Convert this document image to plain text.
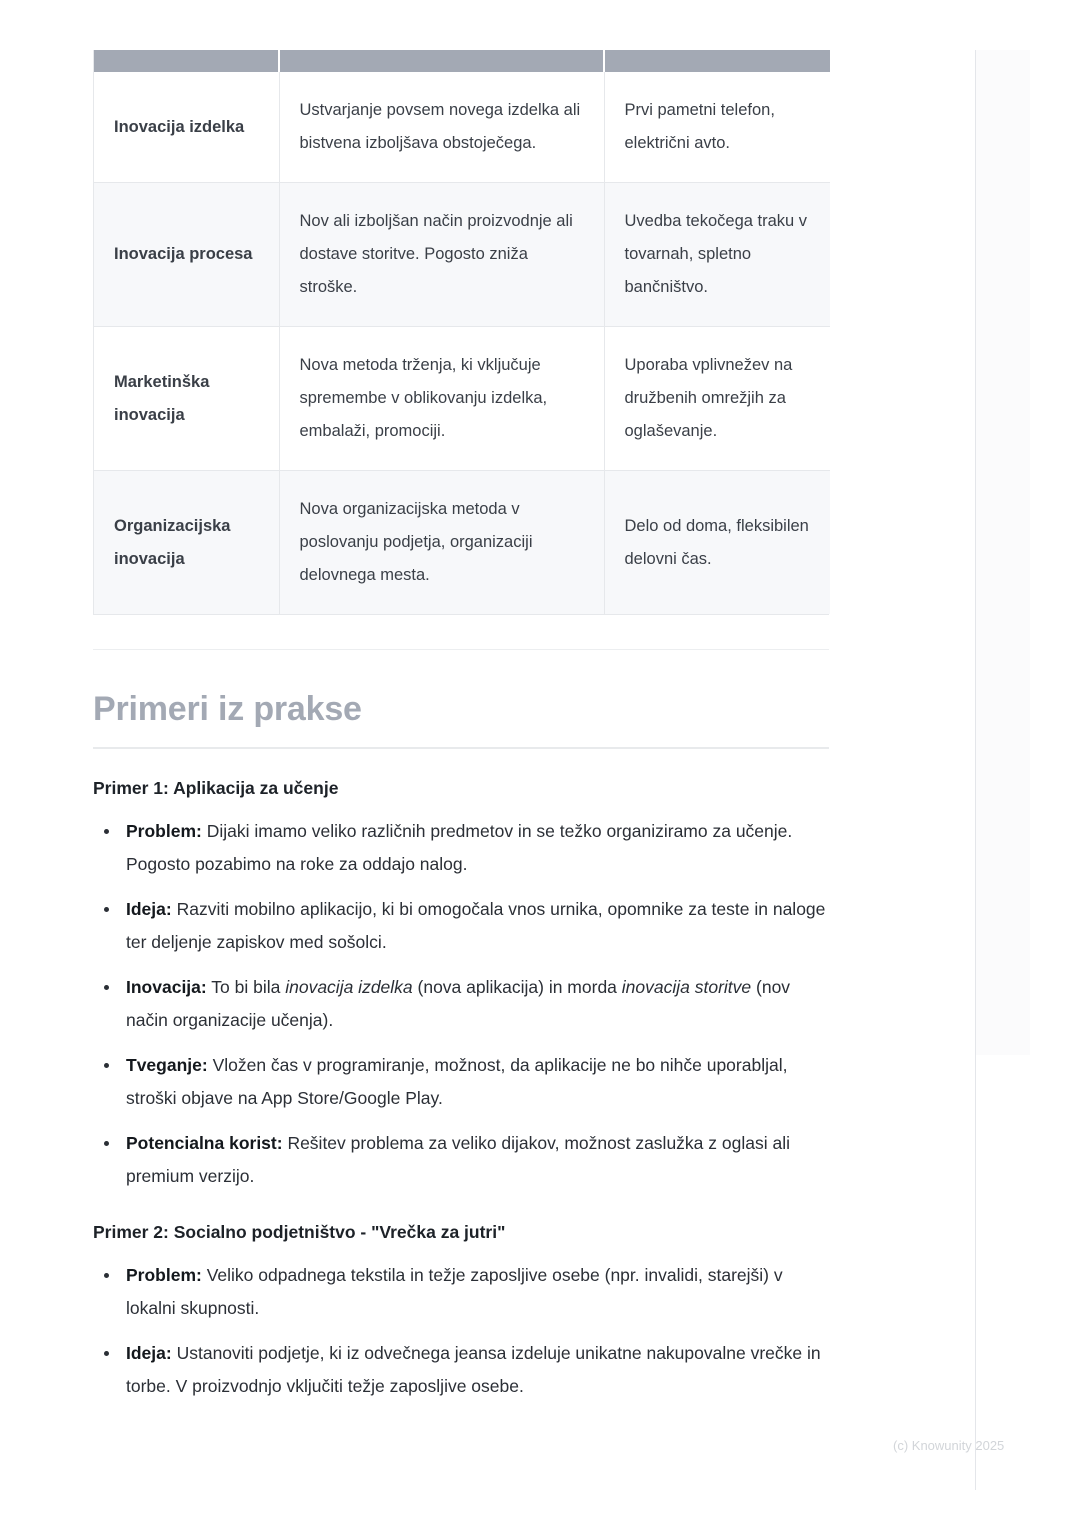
Inovacija izdelka	Ustvarjanje povsem novega izdelka ali bistvena izboljšava obstoječega.	Prvi pametni telefon, električni avto.
Inovacija procesa	Nov ali izboljšan način proizvodnje ali dostave storitve. Pogosto zniža stroške.	Uvedba tekočega traku v tovarnah, spletno bančništvo.
Marketinška inovacija	Nova metoda trženja, ki vključuje spremembe v oblikovanju izdelka, embalaži, promociji.	Uporaba vplivnežev na družbenih omrežjih za oglaševanje.
Organizacijska inovacija	Nova organizacijska metoda v poslovanju podjetja, organizaciji delovnega mesta.	Delo od doma, fleksibilen delovni čas.
Primeri iz prakse
Primer 1: Aplikacija za učenje
Problem: Dijaki imamo veliko različnih predmetov in se težko organiziramo za učenje. Pogosto pozabimo na roke za oddajo nalog.
Ideja: Razviti mobilno aplikacijo, ki bi omogočala vnos urnika, opomnike za teste in naloge ter deljenje zapiskov med sošolci.
Inovacija: To bi bila inovacija izdelka (nova aplikacija) in morda inovacija storitve (nov način organizacije učenja).
Tveganje: Vložen čas v programiranje, možnost, da aplikacije ne bo nihče uporabljal, stroški objave na App Store/Google Play.
Potencialna korist: Rešitev problema za veliko dijakov, možnost zaslužka z oglasi ali premium verzijo.
Primer 2: Socialno podjetništvo - "Vrečka za jutri"
Problem: Veliko odpadnega tekstila in težje zaposljive osebe (npr. invalidi, starejši) v lokalni skupnosti.
Ideja: Ustanoviti podjetje, ki iz odvečnega jeansa izdeluje unikatne nakupovalne vrečke in torbe. V proizvodnjo vključiti težje zaposljive osebe.
(c) Knowunity 2025
